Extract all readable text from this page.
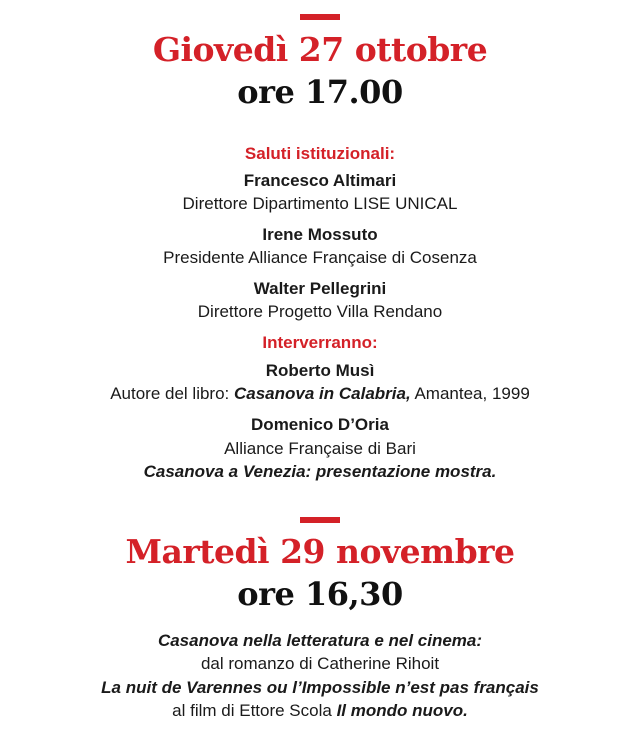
Giovedì 27 ottobre
ore 17.00
Saluti istituzionali:
Francesco Altimari
Direttore Dipartimento LISE UNICAL
Irene Mossuto
Presidente Alliance Française di Cosenza
Walter Pellegrini
Direttore Progetto Villa Rendano
Interverranno:
Roberto Musì
Autore del libro: Casanova in Calabria, Amantea, 1999
Domenico D’Oria
Alliance Française di Bari
Casanova a Venezia: presentazione mostra.
Martedì 29 novembre
ore 16,30
Casanova nella letteratura e nel cinema:
dal romanzo di Catherine Rihoit
La nuit de Varennes ou l’Impossible n’est pas français
al film di Ettore Scola Il mondo nuovo.
